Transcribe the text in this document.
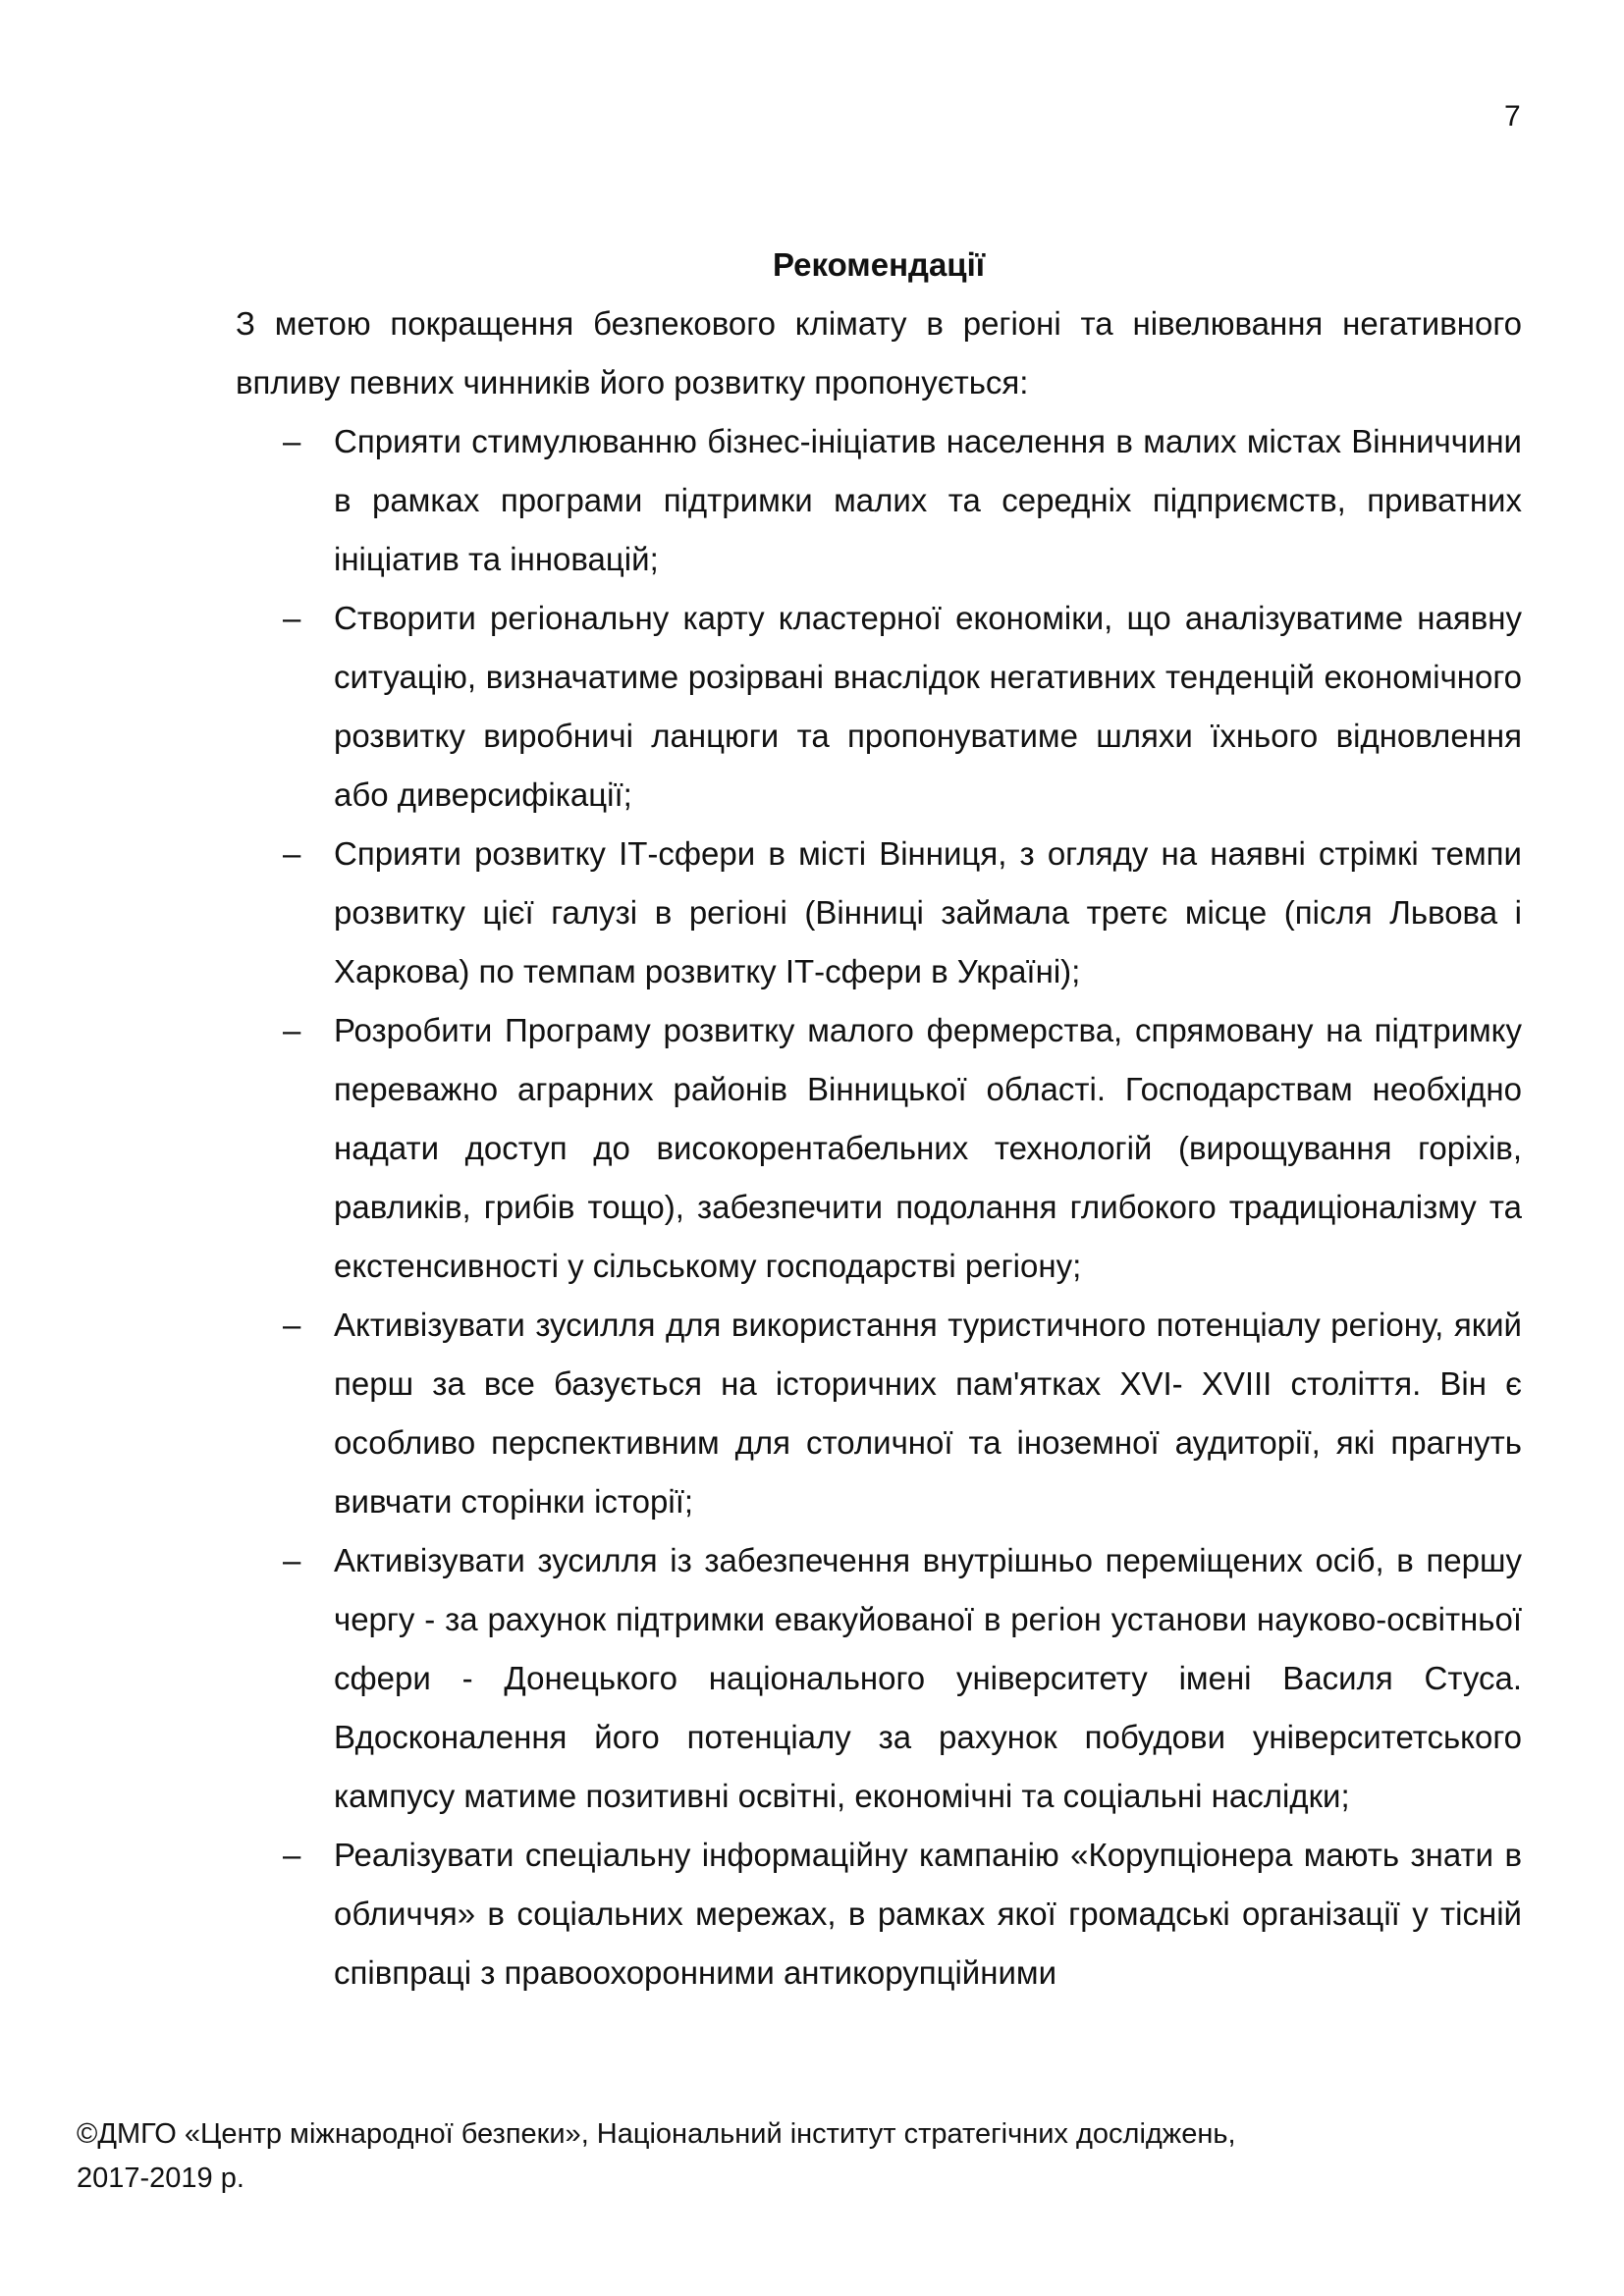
7

Рекомендації

З метою покращення безпекового клімату в регіоні та нівелювання негативного впливу певних чинників його розвитку пропонується:

– Сприяти стимулюванню бізнес-ініціатив населення в малих містах Вінниччини в рамках програми підтримки малих та середніх підприємств, приватних ініціатив та інновацій;
– Створити регіональну карту кластерної економіки, що аналізуватиме наявну ситуацію, визначатиме розірвані внаслідок негативних тенденцій економічного розвитку виробничі ланцюги та пропонуватиме шляхи їхнього відновлення або диверсифікації;
– Сприяти розвитку ІТ-сфери в місті Вінниця, з огляду на наявні стрімкі темпи розвитку цієї галузі в регіоні (Вінниці займала третє місце (після Львова і Харкова) по темпам розвитку ІТ-сфери в Україні);
– Розробити Програму розвитку малого фермерства, спрямовану на підтримку переважно аграрних районів Вінницької області. Господарствам необхідно надати доступ до високорентабельних технологій (вирощування горіхів, равликів, грибів тощо), забезпечити подолання глибокого традиціоналізму та екстенсивності у сільському господарстві регіону;
– Активізувати зусилля для використання туристичного потенціалу регіону, який перш за все базується на історичних пам'ятках XVI- XVIII століття. Він є особливо перспективним для столичної та іноземної аудиторії, які прагнуть вивчати сторінки історії;
– Активізувати зусилля із забезпечення внутрішньо переміщених осіб, в першу чергу - за рахунок підтримки евакуйованої в регіон установи науково-освітньої сфери - Донецького національного університету імені Василя Стуса. Вдосконалення його потенціалу за рахунок побудови університетського кампусу матиме позитивні освітні, економічні та соціальні наслідки;
– Реалізувати спеціальну інформаційну кампанію «Корупціонера мають знати в обличчя» в соціальних мережах, в рамках якої громадські організації у тісній співпраці з правоохоронними антикорупційними
©ДМГО «Центр міжнародної безпеки», Національний інститут стратегічних досліджень,
2017-2019 р.
